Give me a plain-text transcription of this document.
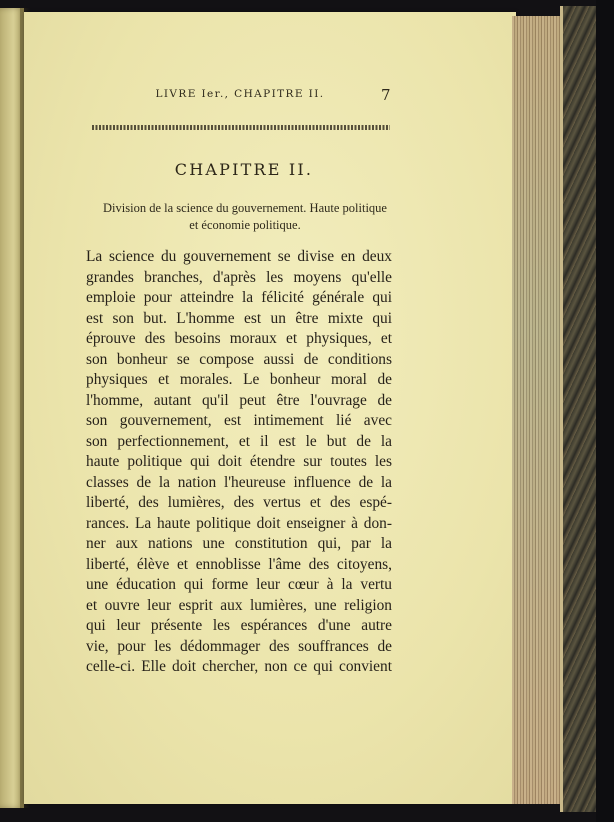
LIVRE Ier., CHAPITRE II.	7
CHAPITRE II.
Division de la science du gouvernement. Haute politique
et économie politique.
La science du gouvernement se divise en deux
grandes branches, d'après les moyens qu'elle
emploie pour atteindre la félicité générale qui
est son but. L'homme est un être mixte qui
éprouve des besoins moraux et physiques, et
son bonheur se compose aussi de conditions
physiques et morales. Le bonheur moral de
l'homme, autant qu'il peut être l'ouvrage de
son gouvernement, est intimement lié avec
son perfectionnement, et il est le but de la
haute politique qui doit étendre sur toutes les
classes de la nation l'heureuse influence de la
liberté, des lumières, des vertus et des espé-
rances. La haute politique doit enseigner à don-
ner aux nations une constitution qui, par la
liberté, élève et ennoblisse l'âme des citoyens,
une éducation qui forme leur cœur à la vertu
et ouvre leur esprit aux lumières, une religion
qui leur présente les espérances d'une autre
vie, pour les dédommager des souffrances de
celle-ci. Elle doit chercher, non ce qui convient
